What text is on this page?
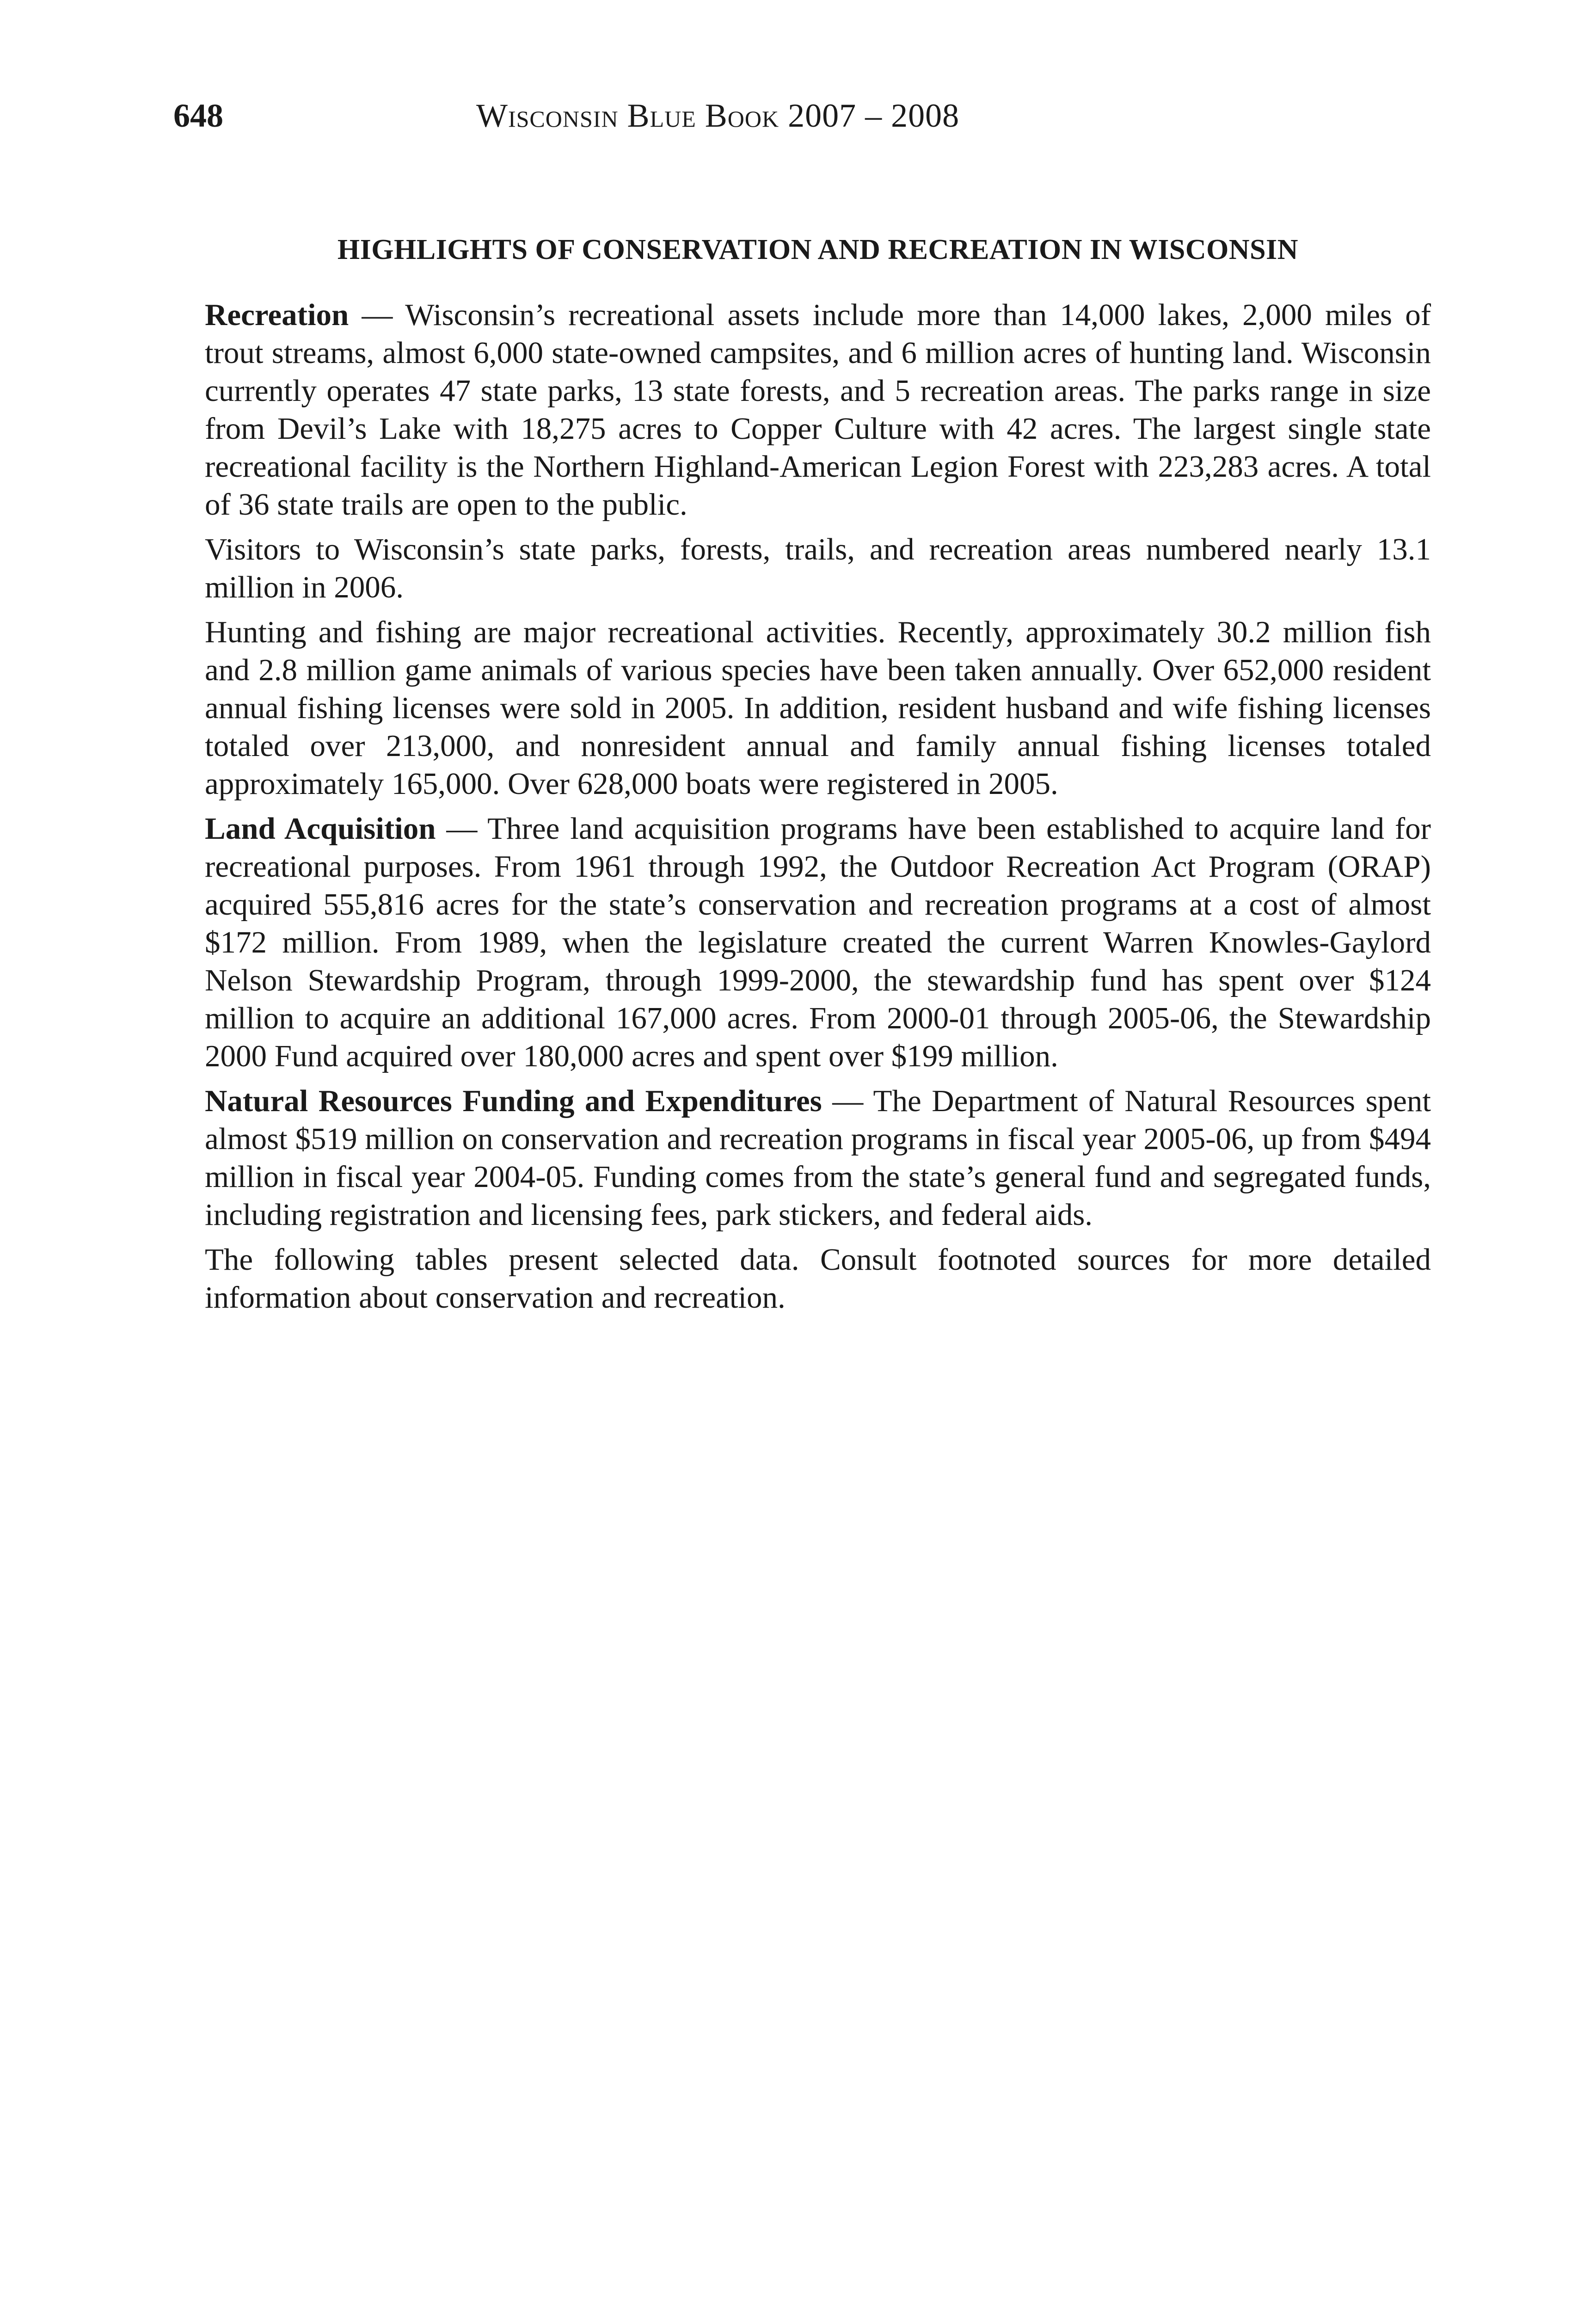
648	Wisconsin Blue Book 2007 – 2008
HIGHLIGHTS OF CONSERVATION AND RECREATION IN WISCONSIN

Recreation — Wisconsin’s recreational assets include more than 14,000 lakes, 2,000 miles of trout streams, almost 6,000 state-owned campsites, and 6 million acres of hunting land. Wisconsin currently operates 47 state parks, 13 state forests, and 5 recreation areas. The parks range in size from Devil’s Lake with 18,275 acres to Copper Culture with 42 acres. The largest single state recreational facility is the Northern Highland-American Legion Forest with 223,283 acres. A total of 36 state trails are open to the public.

Visitors to Wisconsin’s state parks, forests, trails, and recreation areas numbered nearly 13.1 million in 2006.

Hunting and fishing are major recreational activities. Recently, approximately 30.2 million fish and 2.8 million game animals of various species have been taken annually. Over 652,000 resident annual fishing licenses were sold in 2005. In addition, resident husband and wife fishing licenses totaled over 213,000, and nonresident annual and family annual fishing licenses totaled approximately 165,000. Over 628,000 boats were registered in 2005.

Land Acquisition — Three land acquisition programs have been established to acquire land for recreational purposes. From 1961 through 1992, the Outdoor Recreation Act Program (ORAP) acquired 555,816 acres for the state’s conservation and recreation programs at a cost of almost $172 million. From 1989, when the legislature created the current Warren Knowles-Gaylord Nelson Stewardship Program, through 1999-2000, the stewardship fund has spent over $124 million to acquire an additional 167,000 acres. From 2000-01 through 2005-06, the Stewardship 2000 Fund acquired over 180,000 acres and spent over $199 million.

Natural Resources Funding and Expenditures — The Department of Natural Resources spent almost $519 million on conservation and recreation programs in fiscal year 2005-06, up from $494 million in fiscal year 2004-05. Funding comes from the state’s general fund and segregated funds, including registration and licensing fees, park stickers, and federal aids.

The following tables present selected data. Consult footnoted sources for more detailed information about conservation and recreation.
